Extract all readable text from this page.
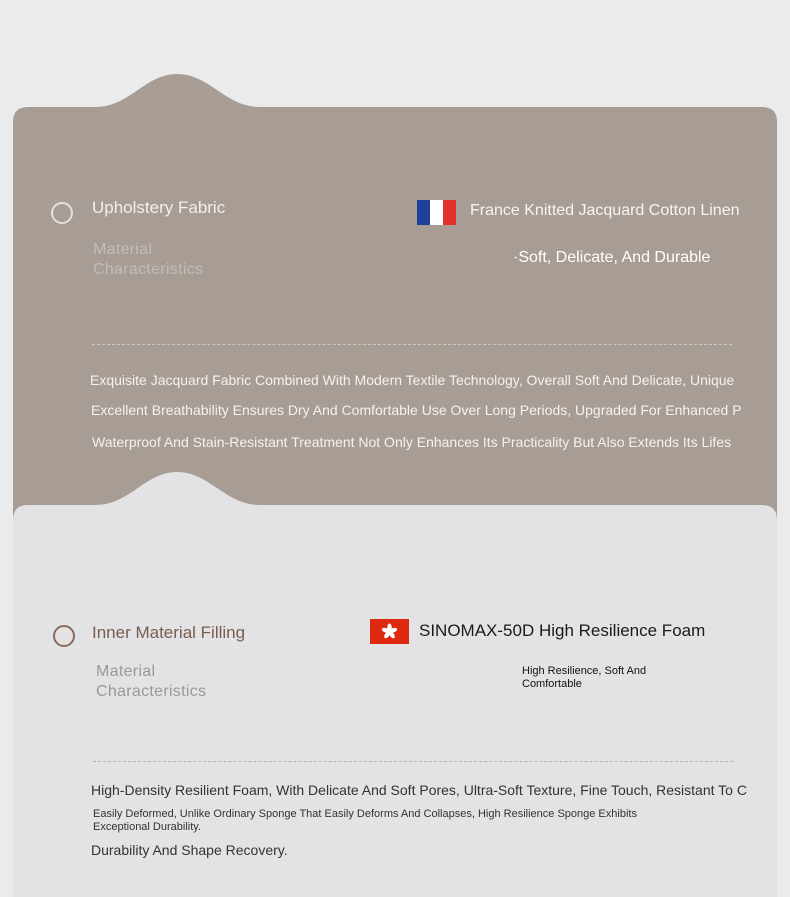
Upholstery Fabric
Material
Characteristics
France Knitted Jacquard Cotton Linen
·Soft, Delicate, And Durable
Exquisite Jacquard Fabric Combined With Modern Textile Technology, Overall Soft And Delicate, Unique
Excellent Breathability Ensures Dry And Comfortable Use Over Long Periods, Upgraded For Enhanced P
Waterproof And Stain-Resistant Treatment Not Only Enhances Its Practicality But Also Extends Its Lifes
Inner Material Filling
Material
Characteristics
SINOMAX-50D High Resilience Foam
High Resilience, Soft And
Comfortable
High-Density Resilient Foam, With Delicate And Soft Pores, Ultra-Soft Texture, Fine Touch, Resistant To C
Easily Deformed, Unlike Ordinary Sponge That Easily Deforms And Collapses, High Resilience Sponge Exhibits
Exceptional Durability.
Durability And Shape Recovery.
